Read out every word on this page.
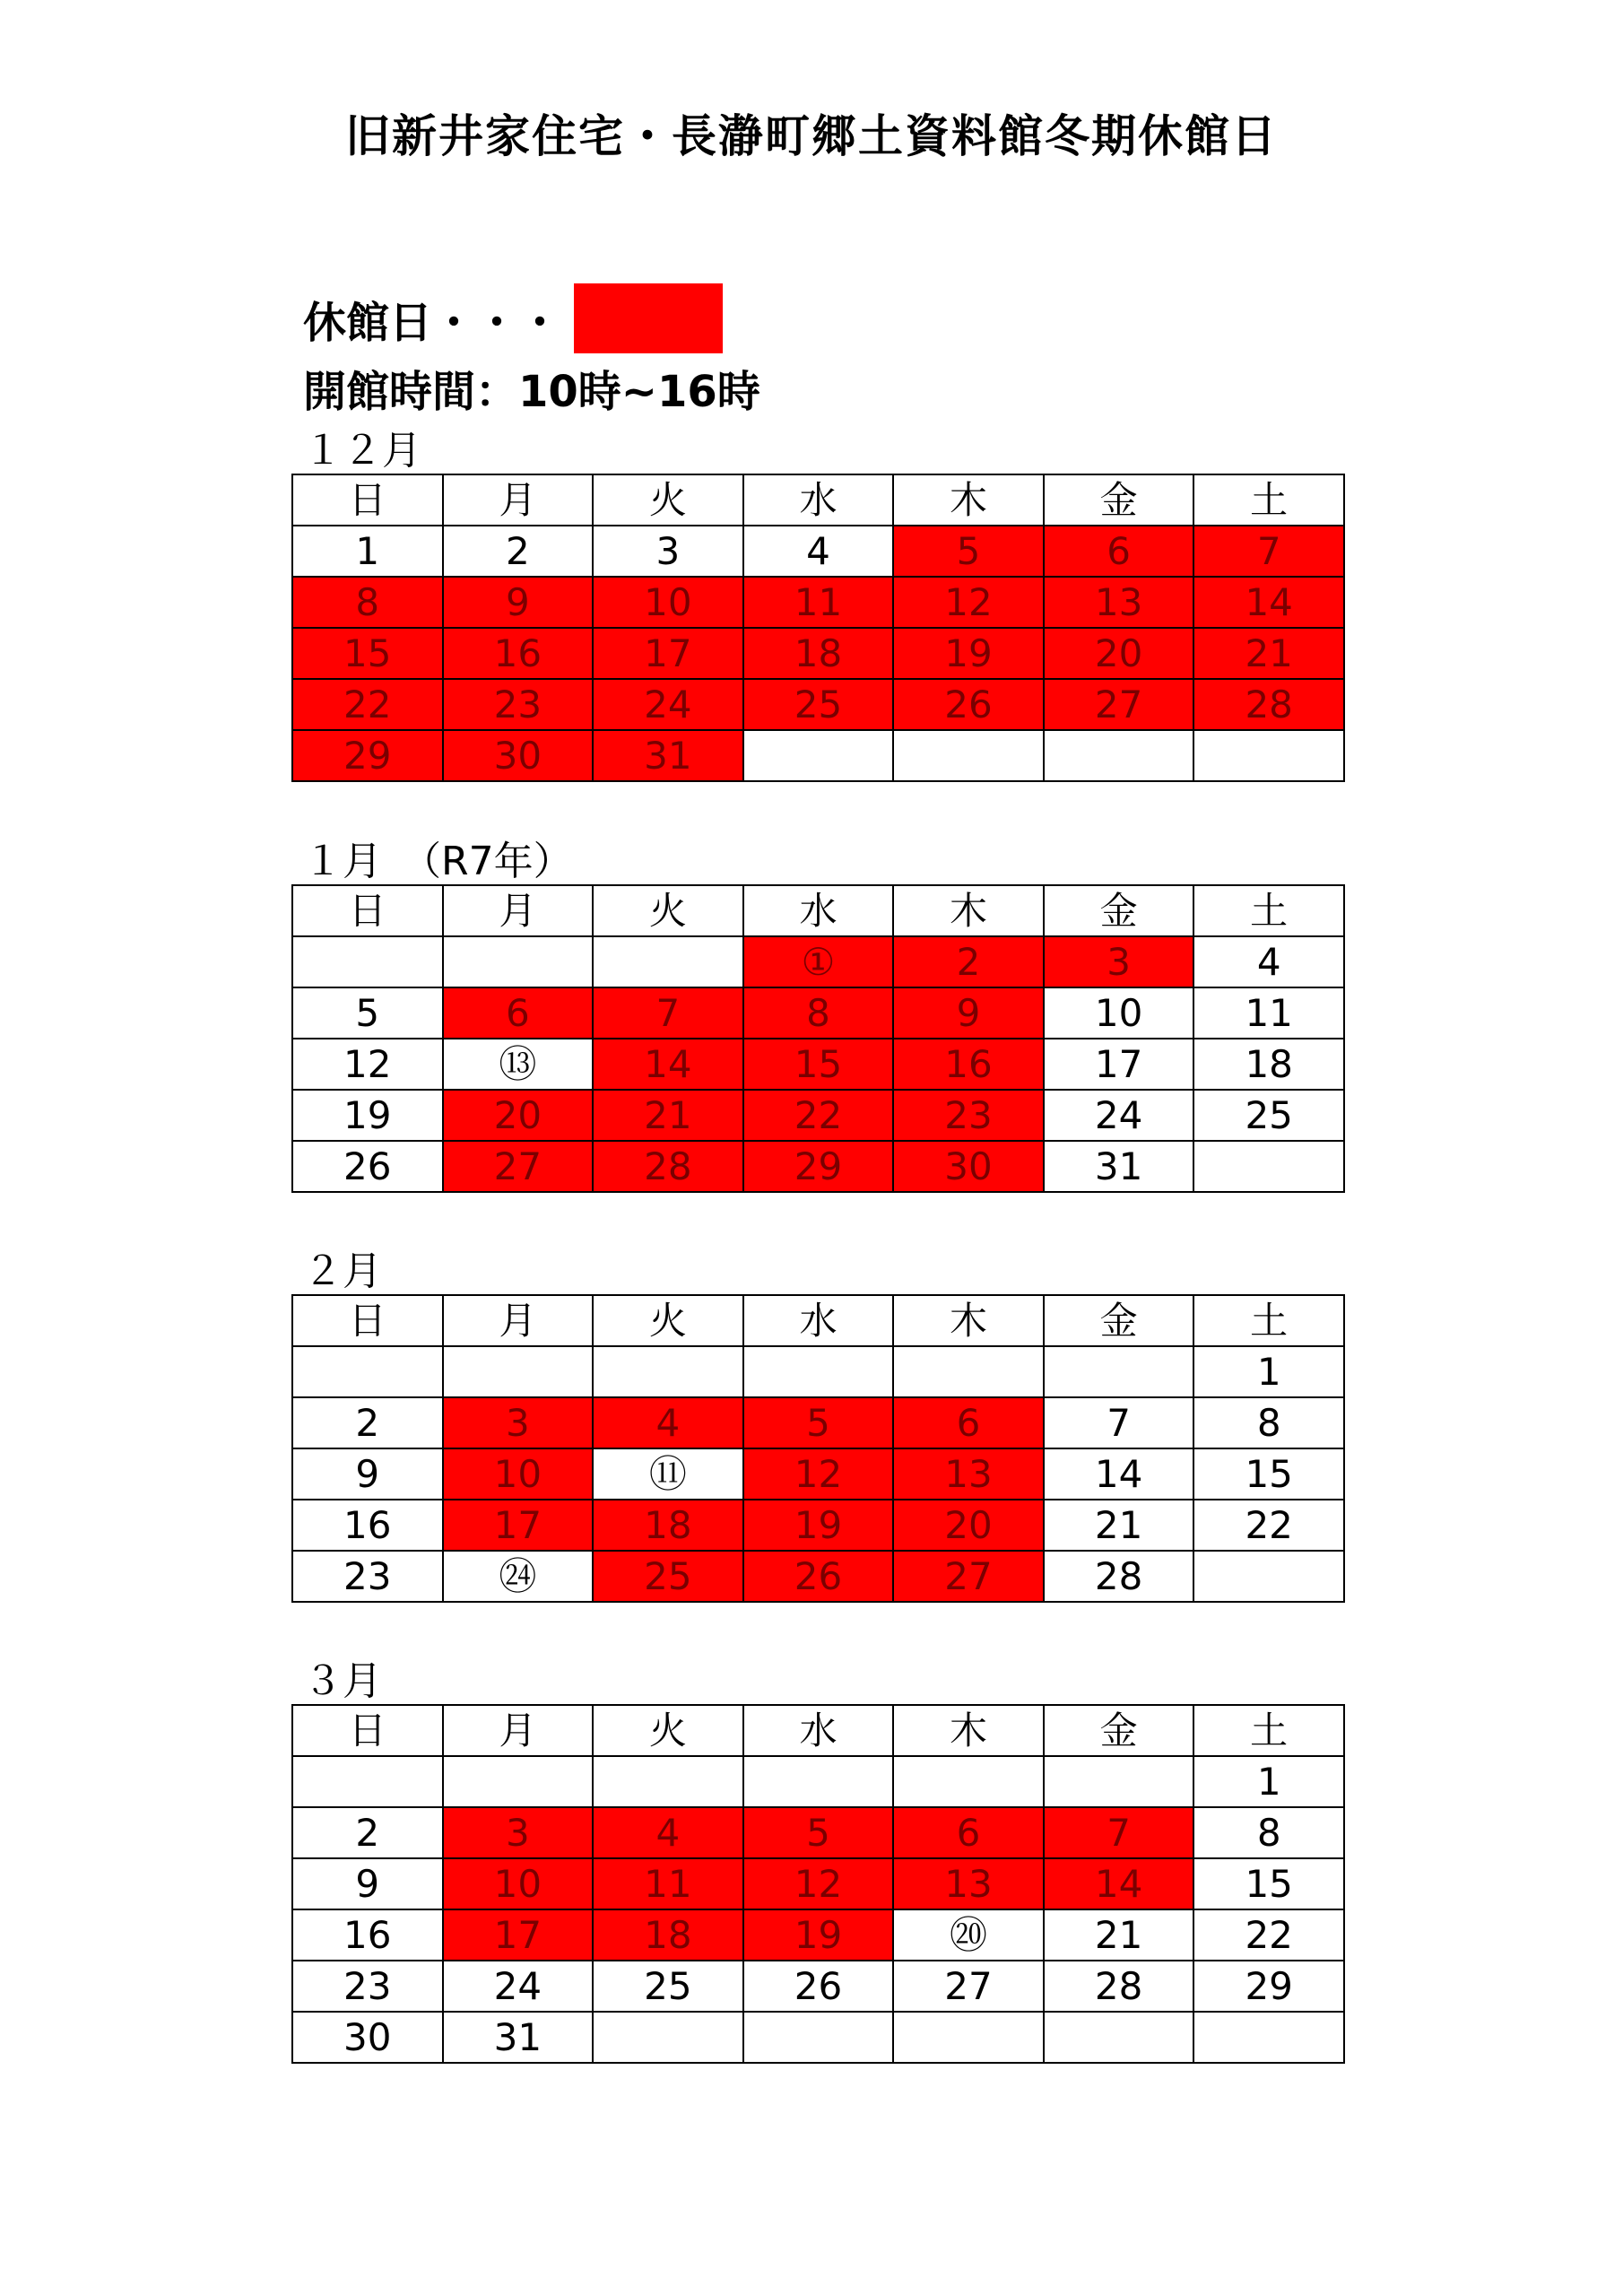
旧新井家住宅・長瀞町郷土資料館冬期休館日
休館日・・・
開館時間：10時~16時
１２月
日	月	火	水	木	金	土
1	2	3	4	5	6	7
8	9	10	11	12	13	14
15	16	17	18	19	20	21
22	23	24	25	26	27	28
29	30	31				
１月　（R7年）
日	月	火	水	木	金	土
			①	2	3	4
5	6	7	8	9	10	11
12	⑬	14	15	16	17	18
19	20	21	22	23	24	25
26	27	28	29	30	31	
２月
日	月	火	水	木	金	土
						1
2	3	4	5	6	7	8
9	10	⑪	12	13	14	15
16	17	18	19	20	21	22
23	㉔	25	26	27	28	
３月
日	月	火	水	木	金	土
						1
2	3	4	5	6	7	8
9	10	11	12	13	14	15
16	17	18	19	⑳	21	22
23	24	25	26	27	28	29
30	31					
